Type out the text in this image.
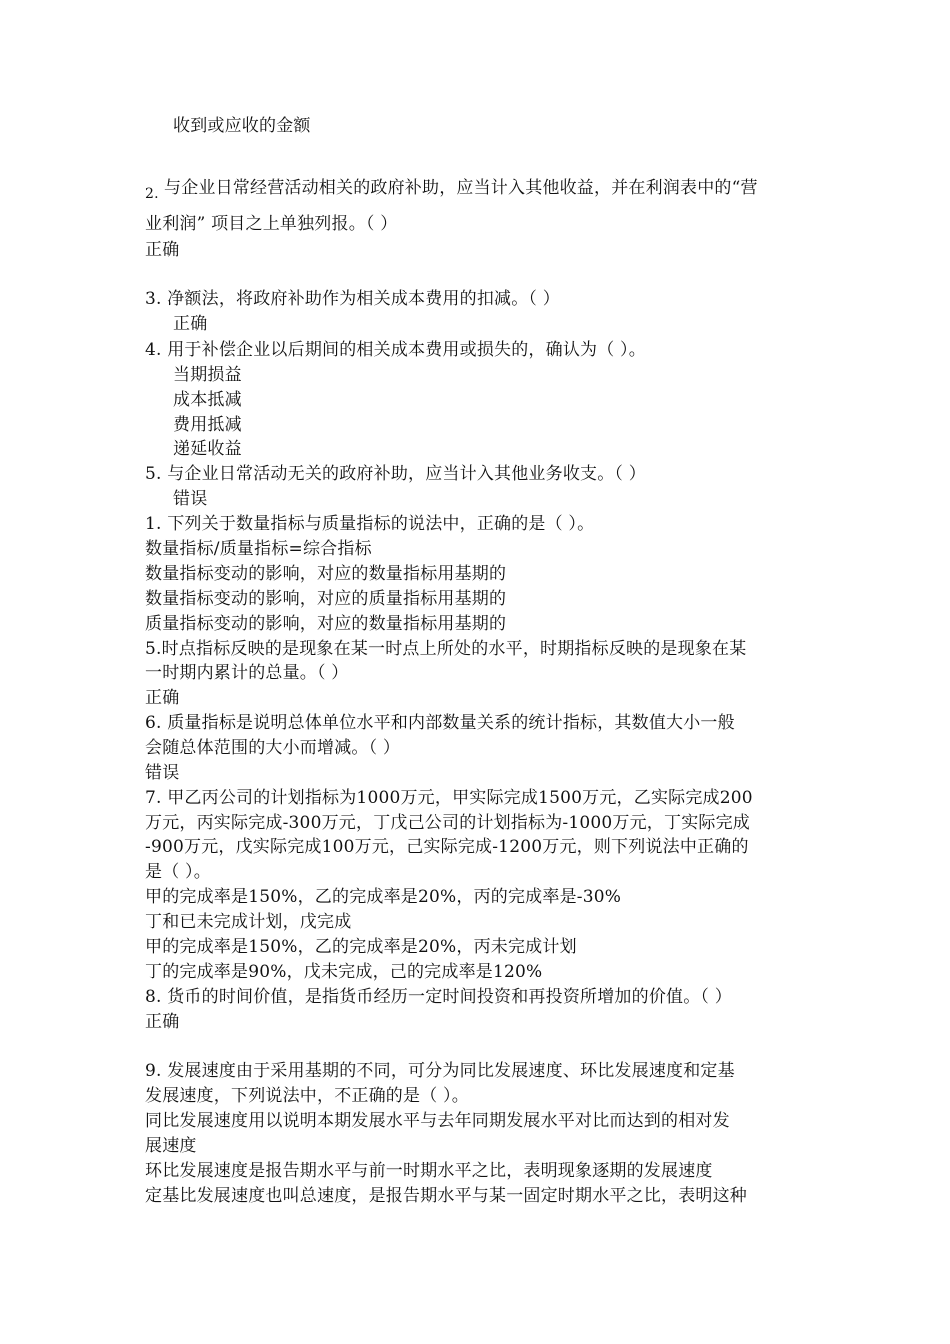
收到或应收的金额
2. 与企业日常经营活动相关的政府补助，应当计入其他收益，并在利润表中的“营
业利润” 项目之上单独列报。（ ）
正确
3. 净额法，将政府补助作为相关成本费用的扣减。（ ）
正确
4. 用于补偿企业以后期间的相关成本费用或损失的，确认为（ ）。
当期损益
成本抵减
费用抵减
递延收益
5. 与企业日常活动无关的政府补助，应当计入其他业务收支。（ ）
错误
1. 下列关于数量指标与质量指标的说法中，正确的是（ ）。
数量指标/质量指标=综合指标
数量指标变动的影响，对应的数量指标用基期的
数量指标变动的影响，对应的质量指标用基期的
质量指标变动的影响，对应的数量指标用基期的
5.时点指标反映的是现象在某一时点上所处的水平，时期指标反映的是现象在某
一时期内累计的总量。（ ）
正确
6. 质量指标是说明总体单位水平和内部数量关系的统计指标，其数值大小一般
会随总体范围的大小而增减。（ ）
错误
7. 甲乙丙公司的计划指标为1000万元，甲实际完成1500万元，乙实际完成200
万元，丙实际完成-300万元，丁戊己公司的计划指标为-1000万元，丁实际完成
-900万元，戊实际完成100万元，己实际完成-1200万元，则下列说法中正确的
是（ ）。
甲的完成率是150%，乙的完成率是20%，丙的完成率是-30%
丁和已未完成计划，戊完成
甲的完成率是150%，乙的完成率是20%，丙未完成计划
丁的完成率是90%，戊未完成，己的完成率是120%
8. 货币的时间价值，是指货币经历一定时间投资和再投资所增加的价值。（ ）
正确
9. 发展速度由于采用基期的不同，可分为同比发展速度、环比发展速度和定基
发展速度，下列说法中，不正确的是（ ）。
同比发展速度用以说明本期发展水平与去年同期发展水平对比而达到的相对发
展速度
环比发展速度是报告期水平与前一时期水平之比，表明现象逐期的发展速度
定基比发展速度也叫总速度，是报告期水平与某一固定时期水平之比，表明这种
